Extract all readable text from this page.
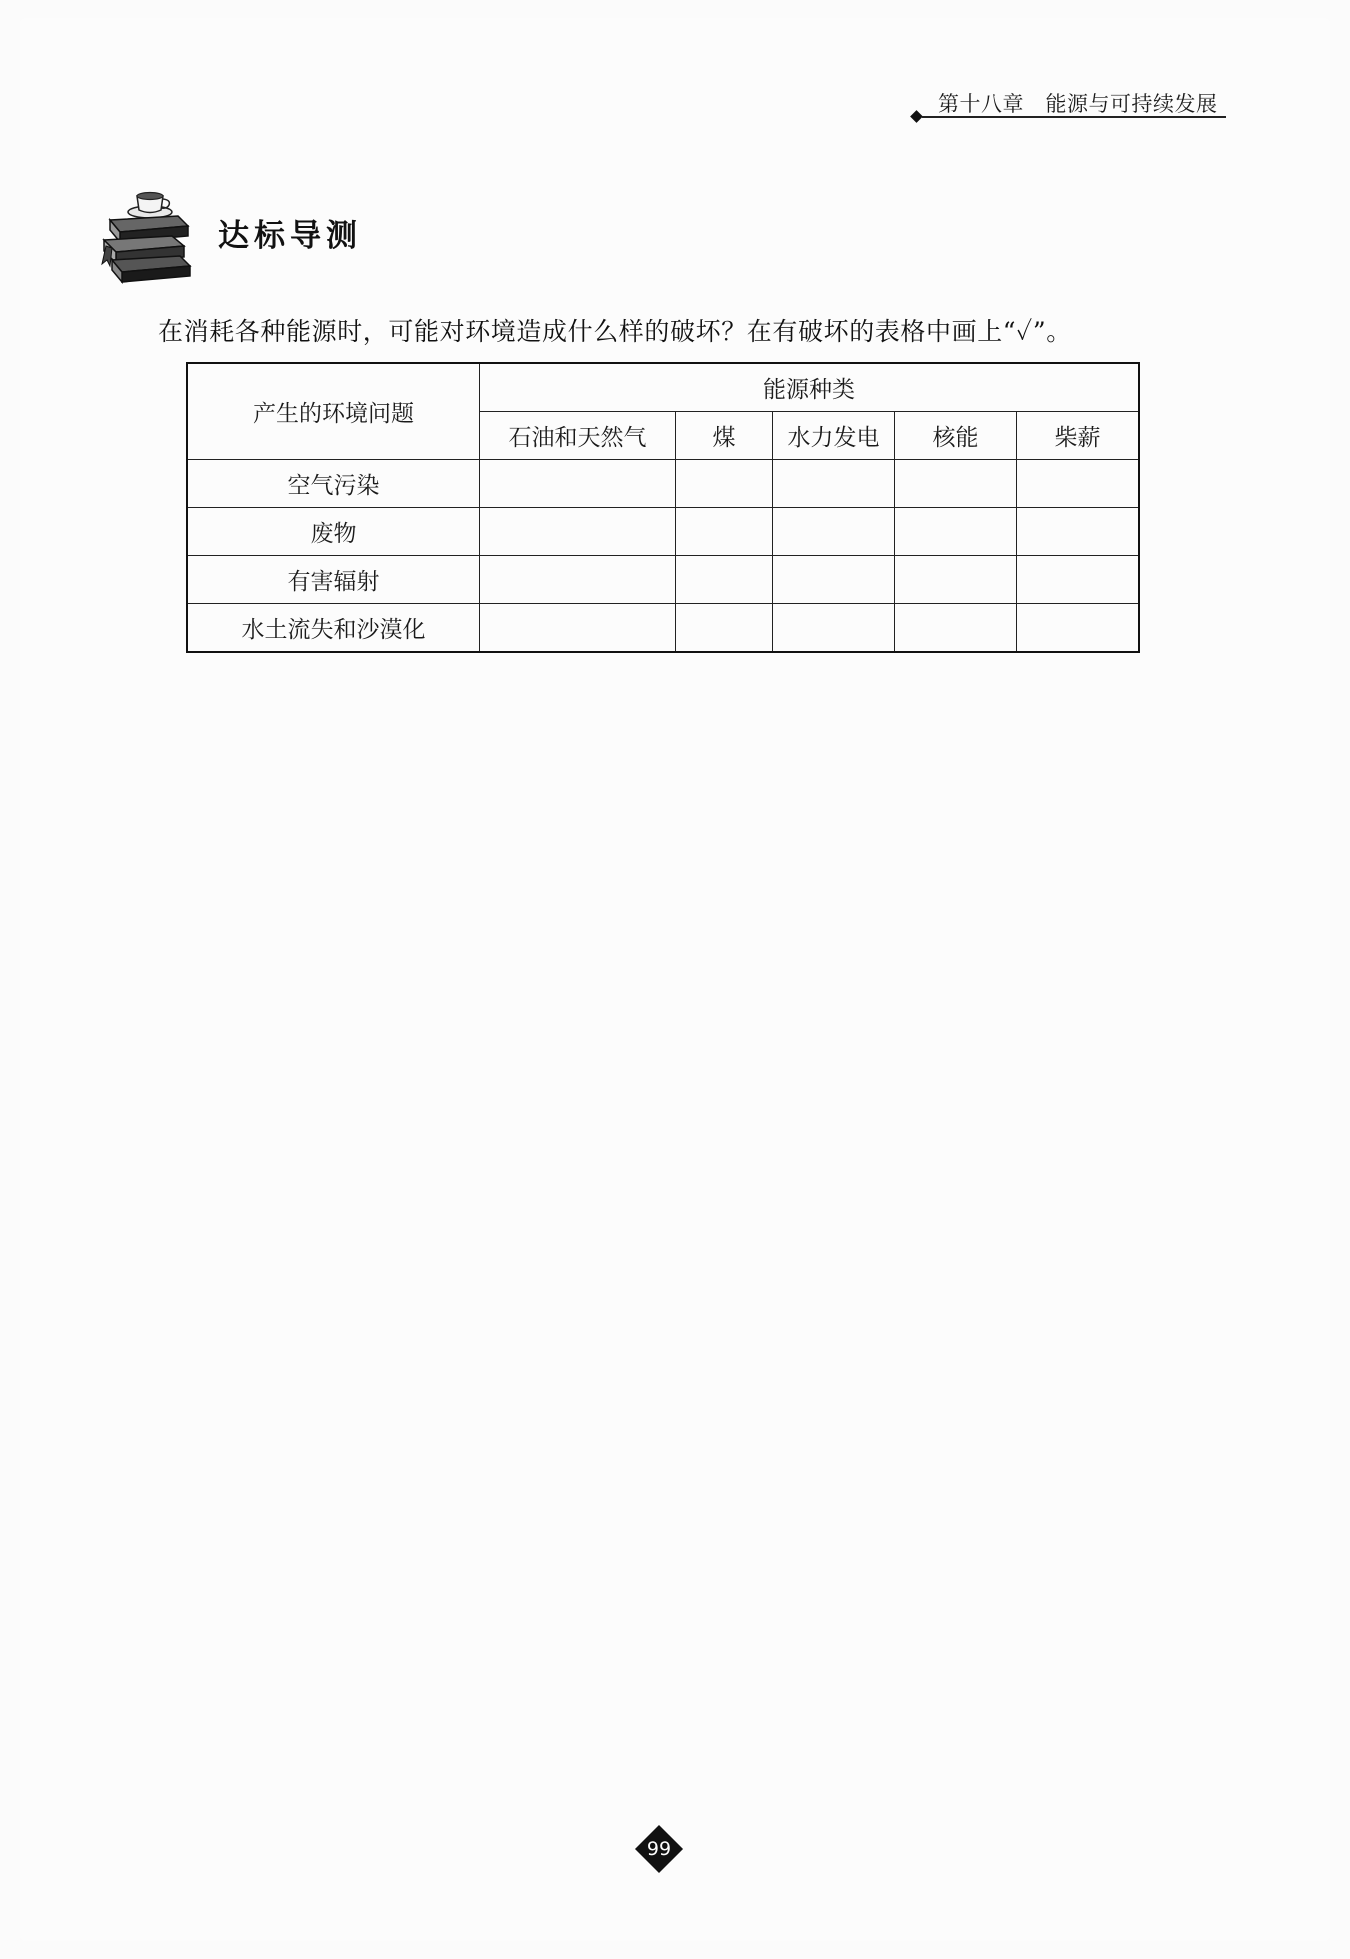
第十八章 能源与可持续发展
达标导测
在消耗各种能源时，可能对环境造成什么样的破坏？在有破坏的表格中画上“✓”。
产生的环境问题	能源种类				
	石油和天然气	煤	水力发电	核能	柴薪
空气污染					
废物					
有害辐射					
水土流失和沙漠化					
99
